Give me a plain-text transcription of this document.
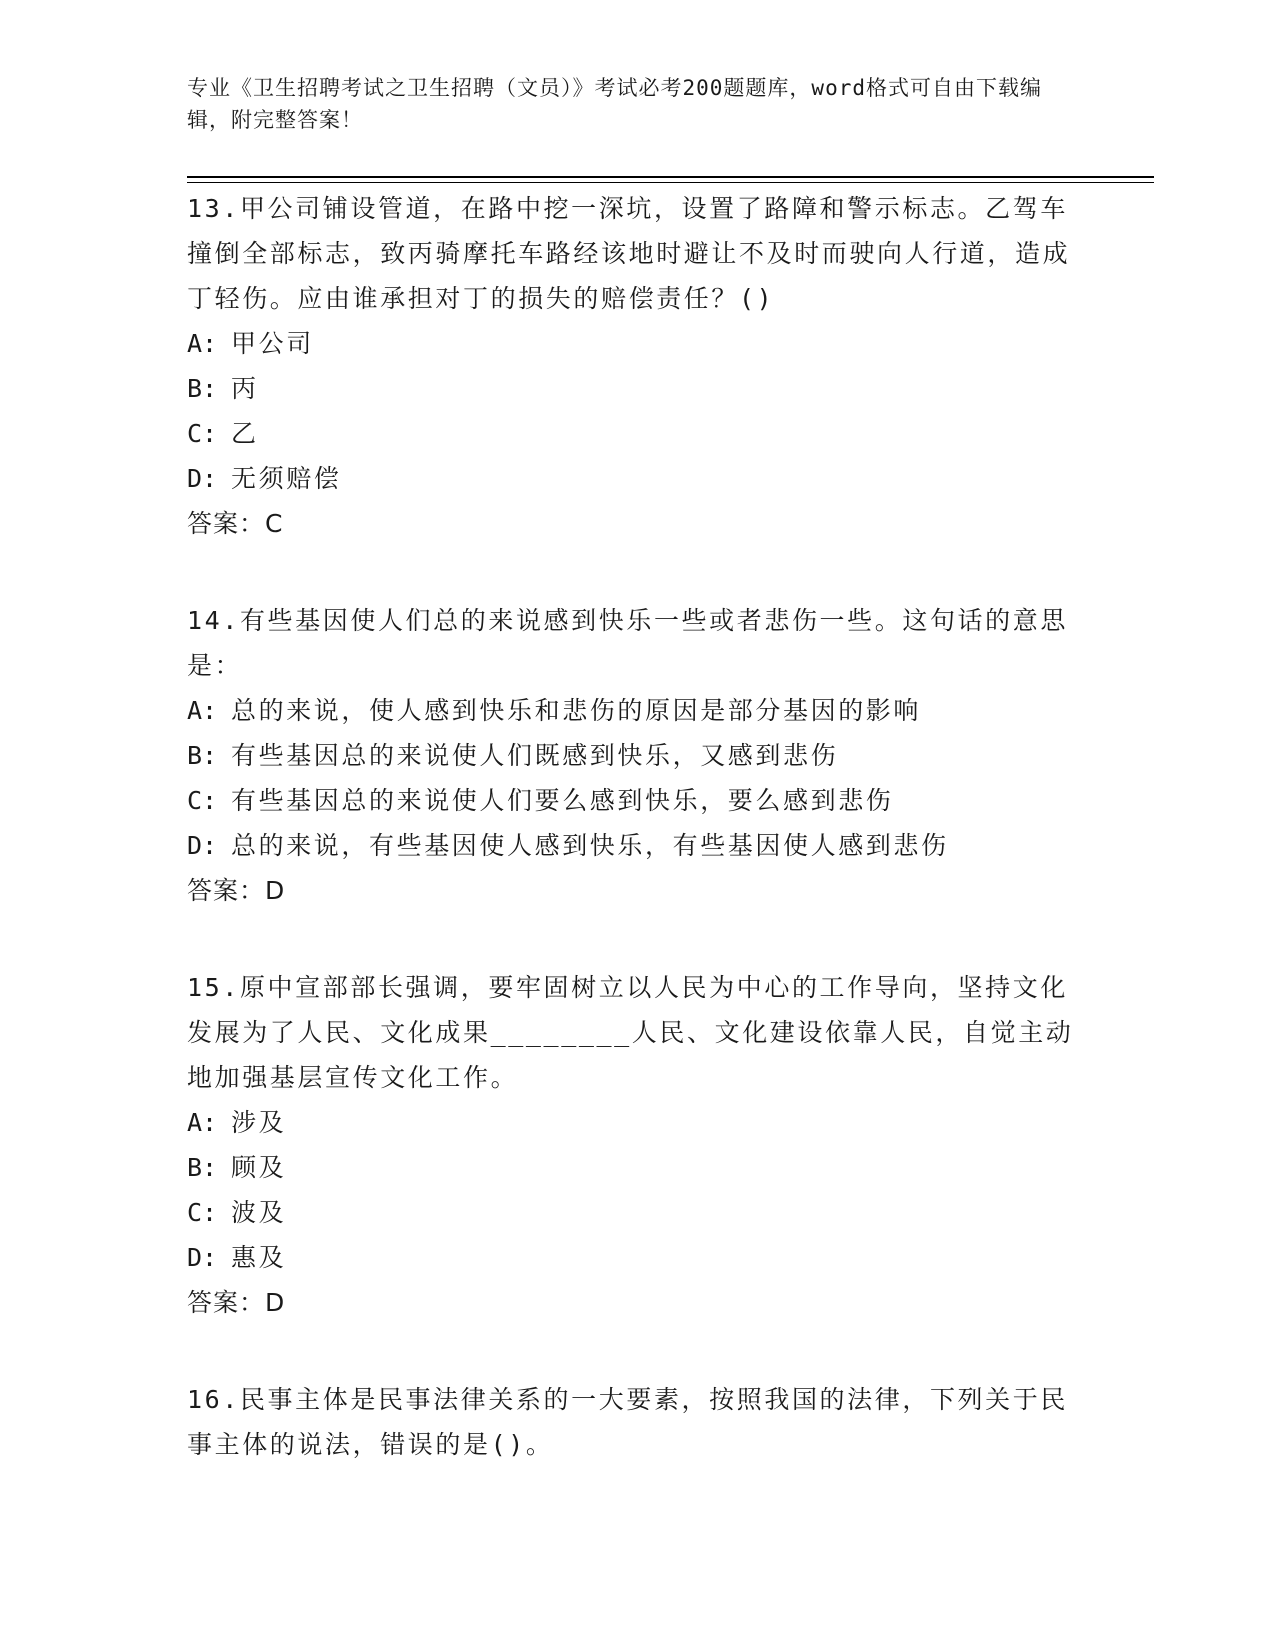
专业《卫生招聘考试之卫生招聘（文员）》考试必考200题题库，word格式可自由下载编辑，附完整答案！
13.甲公司铺设管道，在路中挖一深坑，设置了路障和警示标志。乙驾车撞倒全部标志，致丙骑摩托车路经该地时避让不及时而驶向人行道，造成丁轻伤。应由谁承担对丁的损失的赔偿责任？()
A: 甲公司
B: 丙
C: 乙
D: 无须赔偿
答案：C
14.有些基因使人们总的来说感到快乐一些或者悲伤一些。这句话的意思是：
A: 总的来说，使人感到快乐和悲伤的原因是部分基因的影响
B: 有些基因总的来说使人们既感到快乐，又感到悲伤
C: 有些基因总的来说使人们要么感到快乐，要么感到悲伤
D: 总的来说，有些基因使人感到快乐，有些基因使人感到悲伤
答案：D
15.原中宣部部长强调，要牢固树立以人民为中心的工作导向，坚持文化发展为了人民、文化成果________人民、文化建设依靠人民，自觉主动地加强基层宣传文化工作。
A: 涉及
B: 顾及
C: 波及
D: 惠及
答案：D
16.民事主体是民事法律关系的一大要素，按照我国的法律，下列关于民事主体的说法，错误的是()。
